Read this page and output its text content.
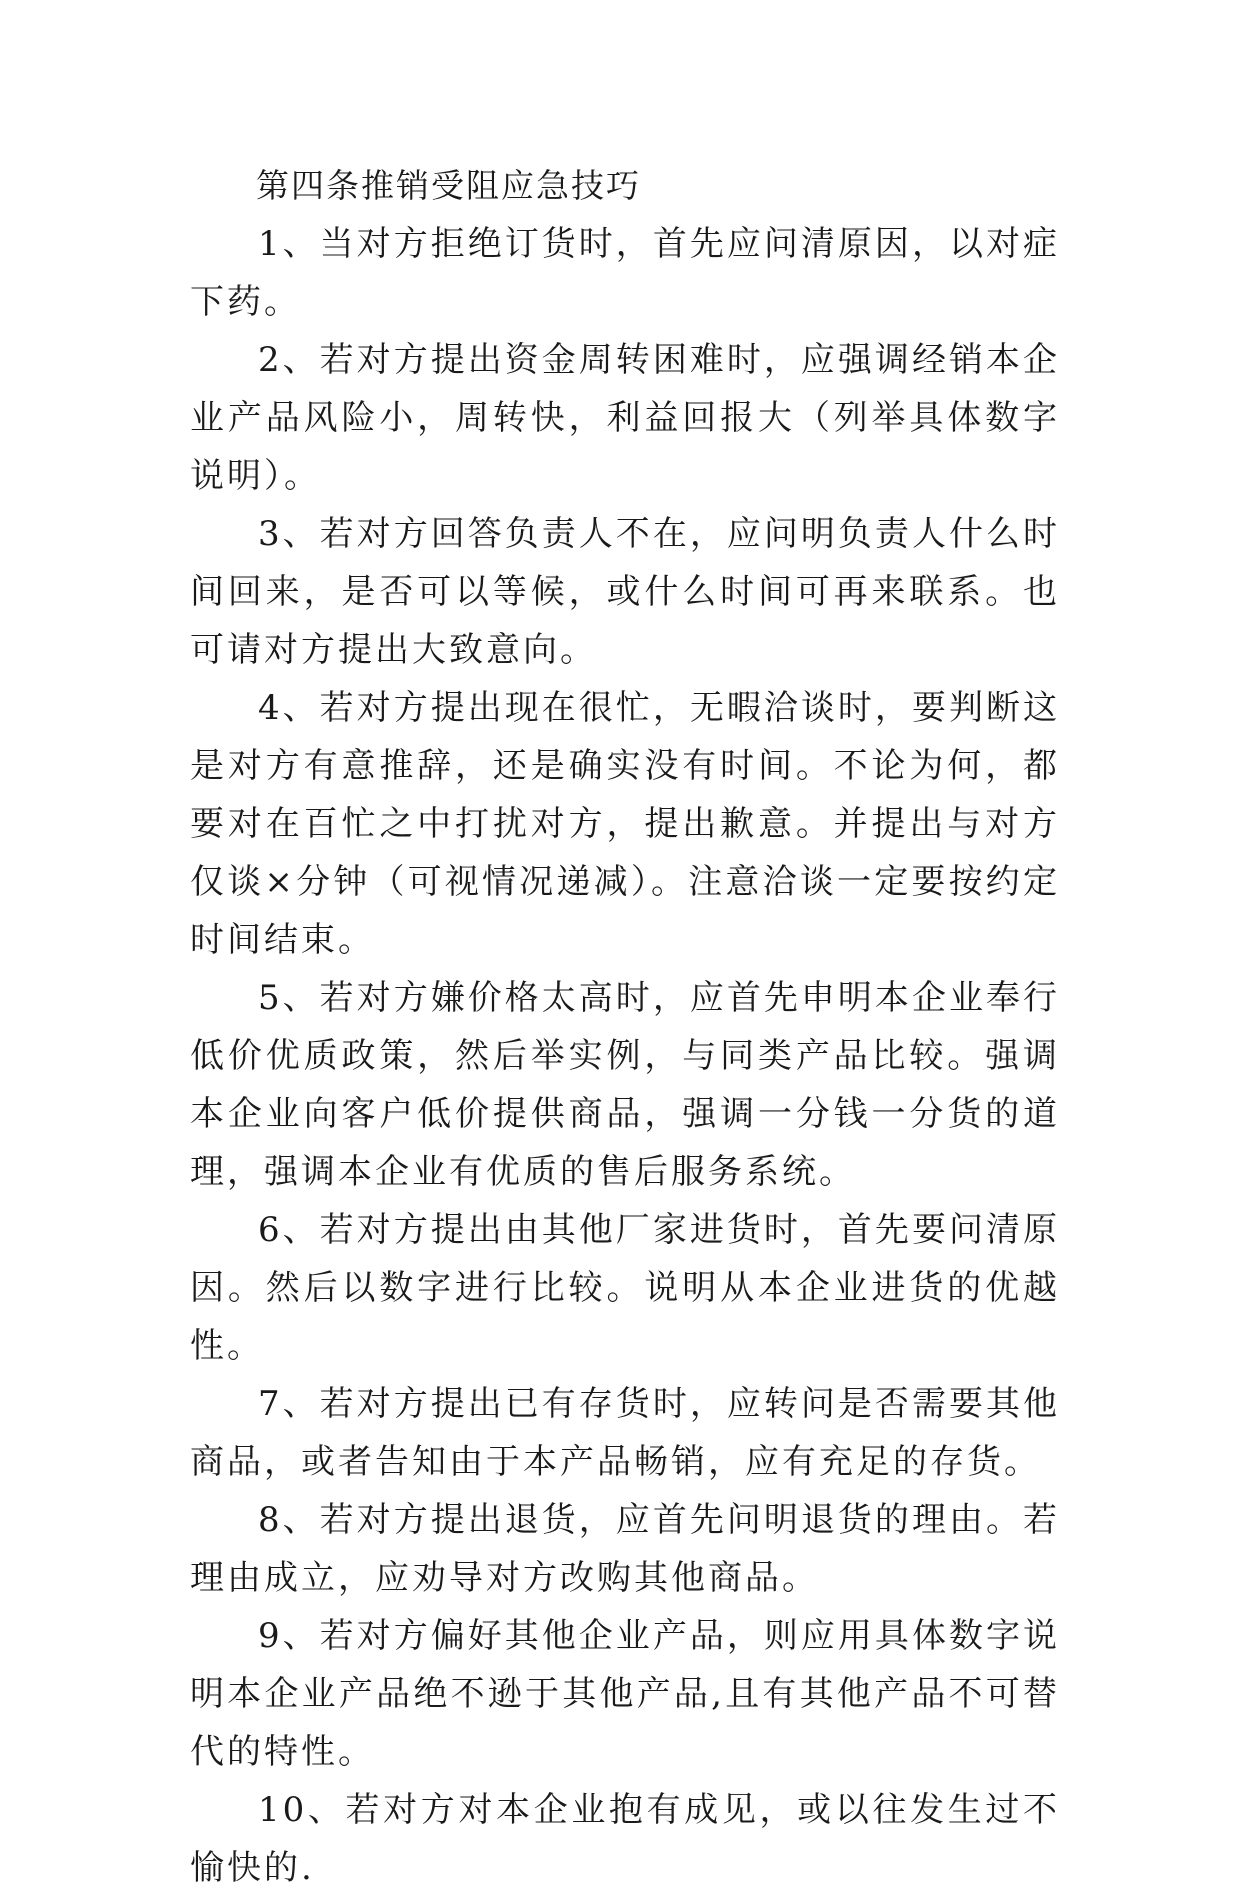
第四条推销受阻应急技巧

1、当对方拒绝订货时，首先应问清原因，以对症下药。

2、若对方提出资金周转困难时，应强调经销本企业产品风险小，周转快，利益回报大（列举具体数字说明）。

3、若对方回答负责人不在，应问明负责人什么时间回来，是否可以等候，或什么时间可再来联系。也可请对方提出大致意向。

4、若对方提出现在很忙，无暇洽谈时，要判断这是对方有意推辞，还是确实没有时间。不论为何，都要对在百忙之中打扰对方，提出歉意。并提出与对方仅谈×分钟（可视情况递减）。注意洽谈一定要按约定时间结束。

5、若对方嫌价格太高时，应首先申明本企业奉行低价优质政策，然后举实例，与同类产品比较。强调本企业向客户低价提供商品，强调一分钱一分货的道理，强调本企业有优质的售后服务系统。

6、若对方提出由其他厂家进货时，首先要问清原因。然后以数字进行比较。说明从本企业进货的优越性。

7、若对方提出已有存货时，应转问是否需要其他商品，或者告知由于本产品畅销，应有充足的存货。

8、若对方提出退货，应首先问明退货的理由。若理由成立，应劝导对方改购其他商品。

9、若对方偏好其他企业产品，则应用具体数字说明本企业产品绝不逊于其他产品,且有其他产品不可替代的特性。

10、若对方对本企业抱有成见，或以往发生过不愉快的.
